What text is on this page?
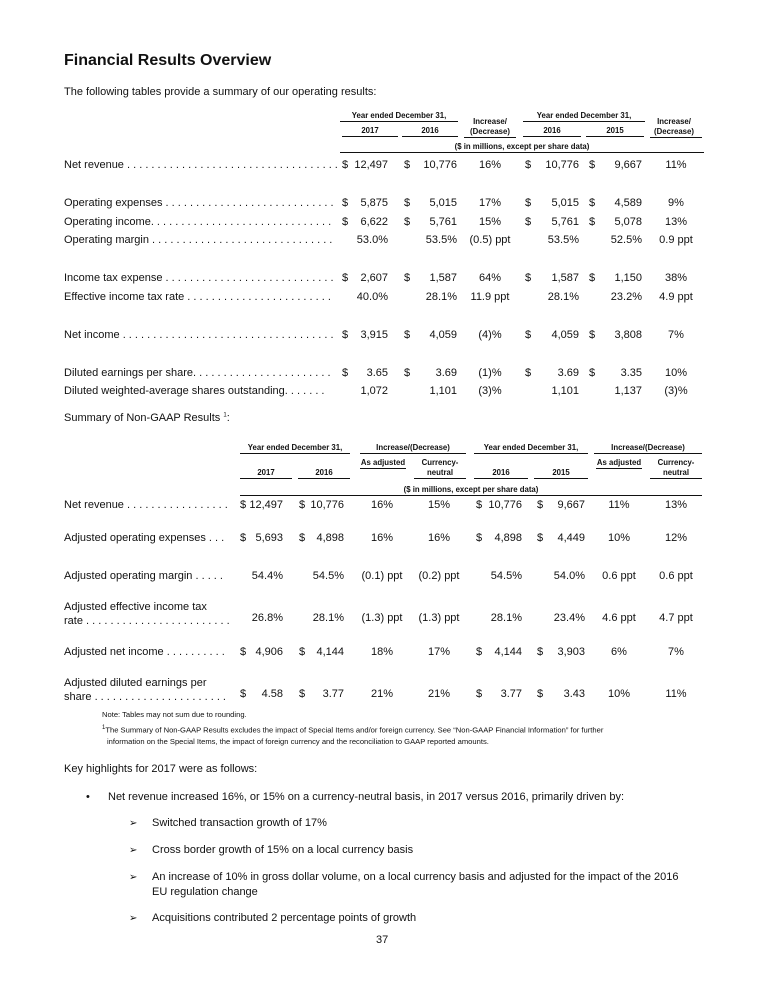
Financial Results Overview
The following tables provide a summary of our operating results:
Year ended December 31,
Increase/ (Decrease)
Year ended December 31,
Increase/ (Decrease)
2017	2016	2016	2015
($ in millions, except per share data)
Net revenue . . . . . . . . . . . . . . . . . . . . . . . . . . . . . . . . . . . $ 12,497 $	10,776	16%	$	10,776 $	9,667	11%
Operating expenses . . . . . . . . . . . . . . . . . . . . . . . . . . . . $	5,875 $	5,015	17%	$	5,015 $	4,589	9%
Operating income. . . . . . . . . . . . . . . . . . . . . . . . . . . . . . $	6,622 $	5,761	15%	$	5,761 $	5,078	13%
Operating margin . . . . . . . . . . . . . . . . . . . . . . . . . . . . . .	53.0%	53.5%	(0.5) ppt	53.5%	52.5%	0.9 ppt
Income tax expense . . . . . . . . . . . . . . . . . . . . . . . . . . . . $	2,607 $	1,587	64%	$	1,587 $	1,150	38%
Effective income tax rate . . . . . . . . . . . . . . . . . . . . . . . .	40.0%	28.1%	11.9 ppt	28.1%	23.2%	4.9 ppt
Net income . . . . . . . . . . . . . . . . . . . . . . . . . . . . . . . . . . . $	3,915 $	4,059	(4)%	$	4,059 $	3,808	7%
Diluted earnings per share. . . . . . . . . . . . . . . . . . . . . . .	$	3.65 $	3.69	(1)%	$	3.69 $	3.35	10%
Diluted weighted-average shares outstanding. . . . . . .	1,072	1,101	(3)%	1,101	1,137	(3)%
Summary of Non-GAAP Results $^1$:
Year ended December 31,	Increase/(Decrease)	Year ended December 31,	Increase/(Decrease)
As adjusted	Currency- neutral
As adjusted	Currency- neutral
2017	2016	2016	2015
($ in millions, except per share data)
Net revenue . . . . . . . . . . . . . . . . .	$ 12,497 $ 10,776	16%	15%	$ 10,776 $	9,667	11%	13%
Adjusted operating expenses . . .	$ 5,693 $	4,898	16%	16%	$	4,898 $	4,449	10%	12%
Adjusted operating margin . . . . .	54.4%	54.5%	(0.1) ppt	(0.2) ppt	54.5%	54.0%	0.6 ppt	0.6 ppt
Adjusted effective income tax
rate . . . . . . . . . . . . . . . . . . . . . . . .	26.8%	28.1%	(1.3) ppt	(1.3) ppt	28.1%	23.4%	4.6 ppt	4.7 ppt
Adjusted net income . . . . . . . . . .	$ 4,906 $	4,144	18%	17%	$	4,144 $	3,903	6%	7%
Adjusted diluted earnings per
share . . . . . . . . . . . . . . . . . . . . . .	$	4.58 $	3.77	21%	21%	$	3.77 $	3.43	10%	11%
Note: Tables may not sum due to rounding.
$^1$The Summary of Non-GAAP Results excludes the impact of Special Items and/or foreign currency. See “Non-GAAP Financial Information” for further
information on the Special Items, the impact of foreign currency and the reconciliation to GAAP reported amounts.
Key highlights for 2017 were as follows:
• Net revenue increased 16%, or 15% on a currency-neutral basis, in 2017 versus 2016, primarily driven by:
➢ Switched transaction growth of 17%
➢ Cross border growth of 15% on a local currency basis
➢ An increase of 10% in gross dollar volume, on a local currency basis and adjusted for the impact of the 2016
EU regulation change
➢ Acquisitions contributed 2 percentage points of growth
37
